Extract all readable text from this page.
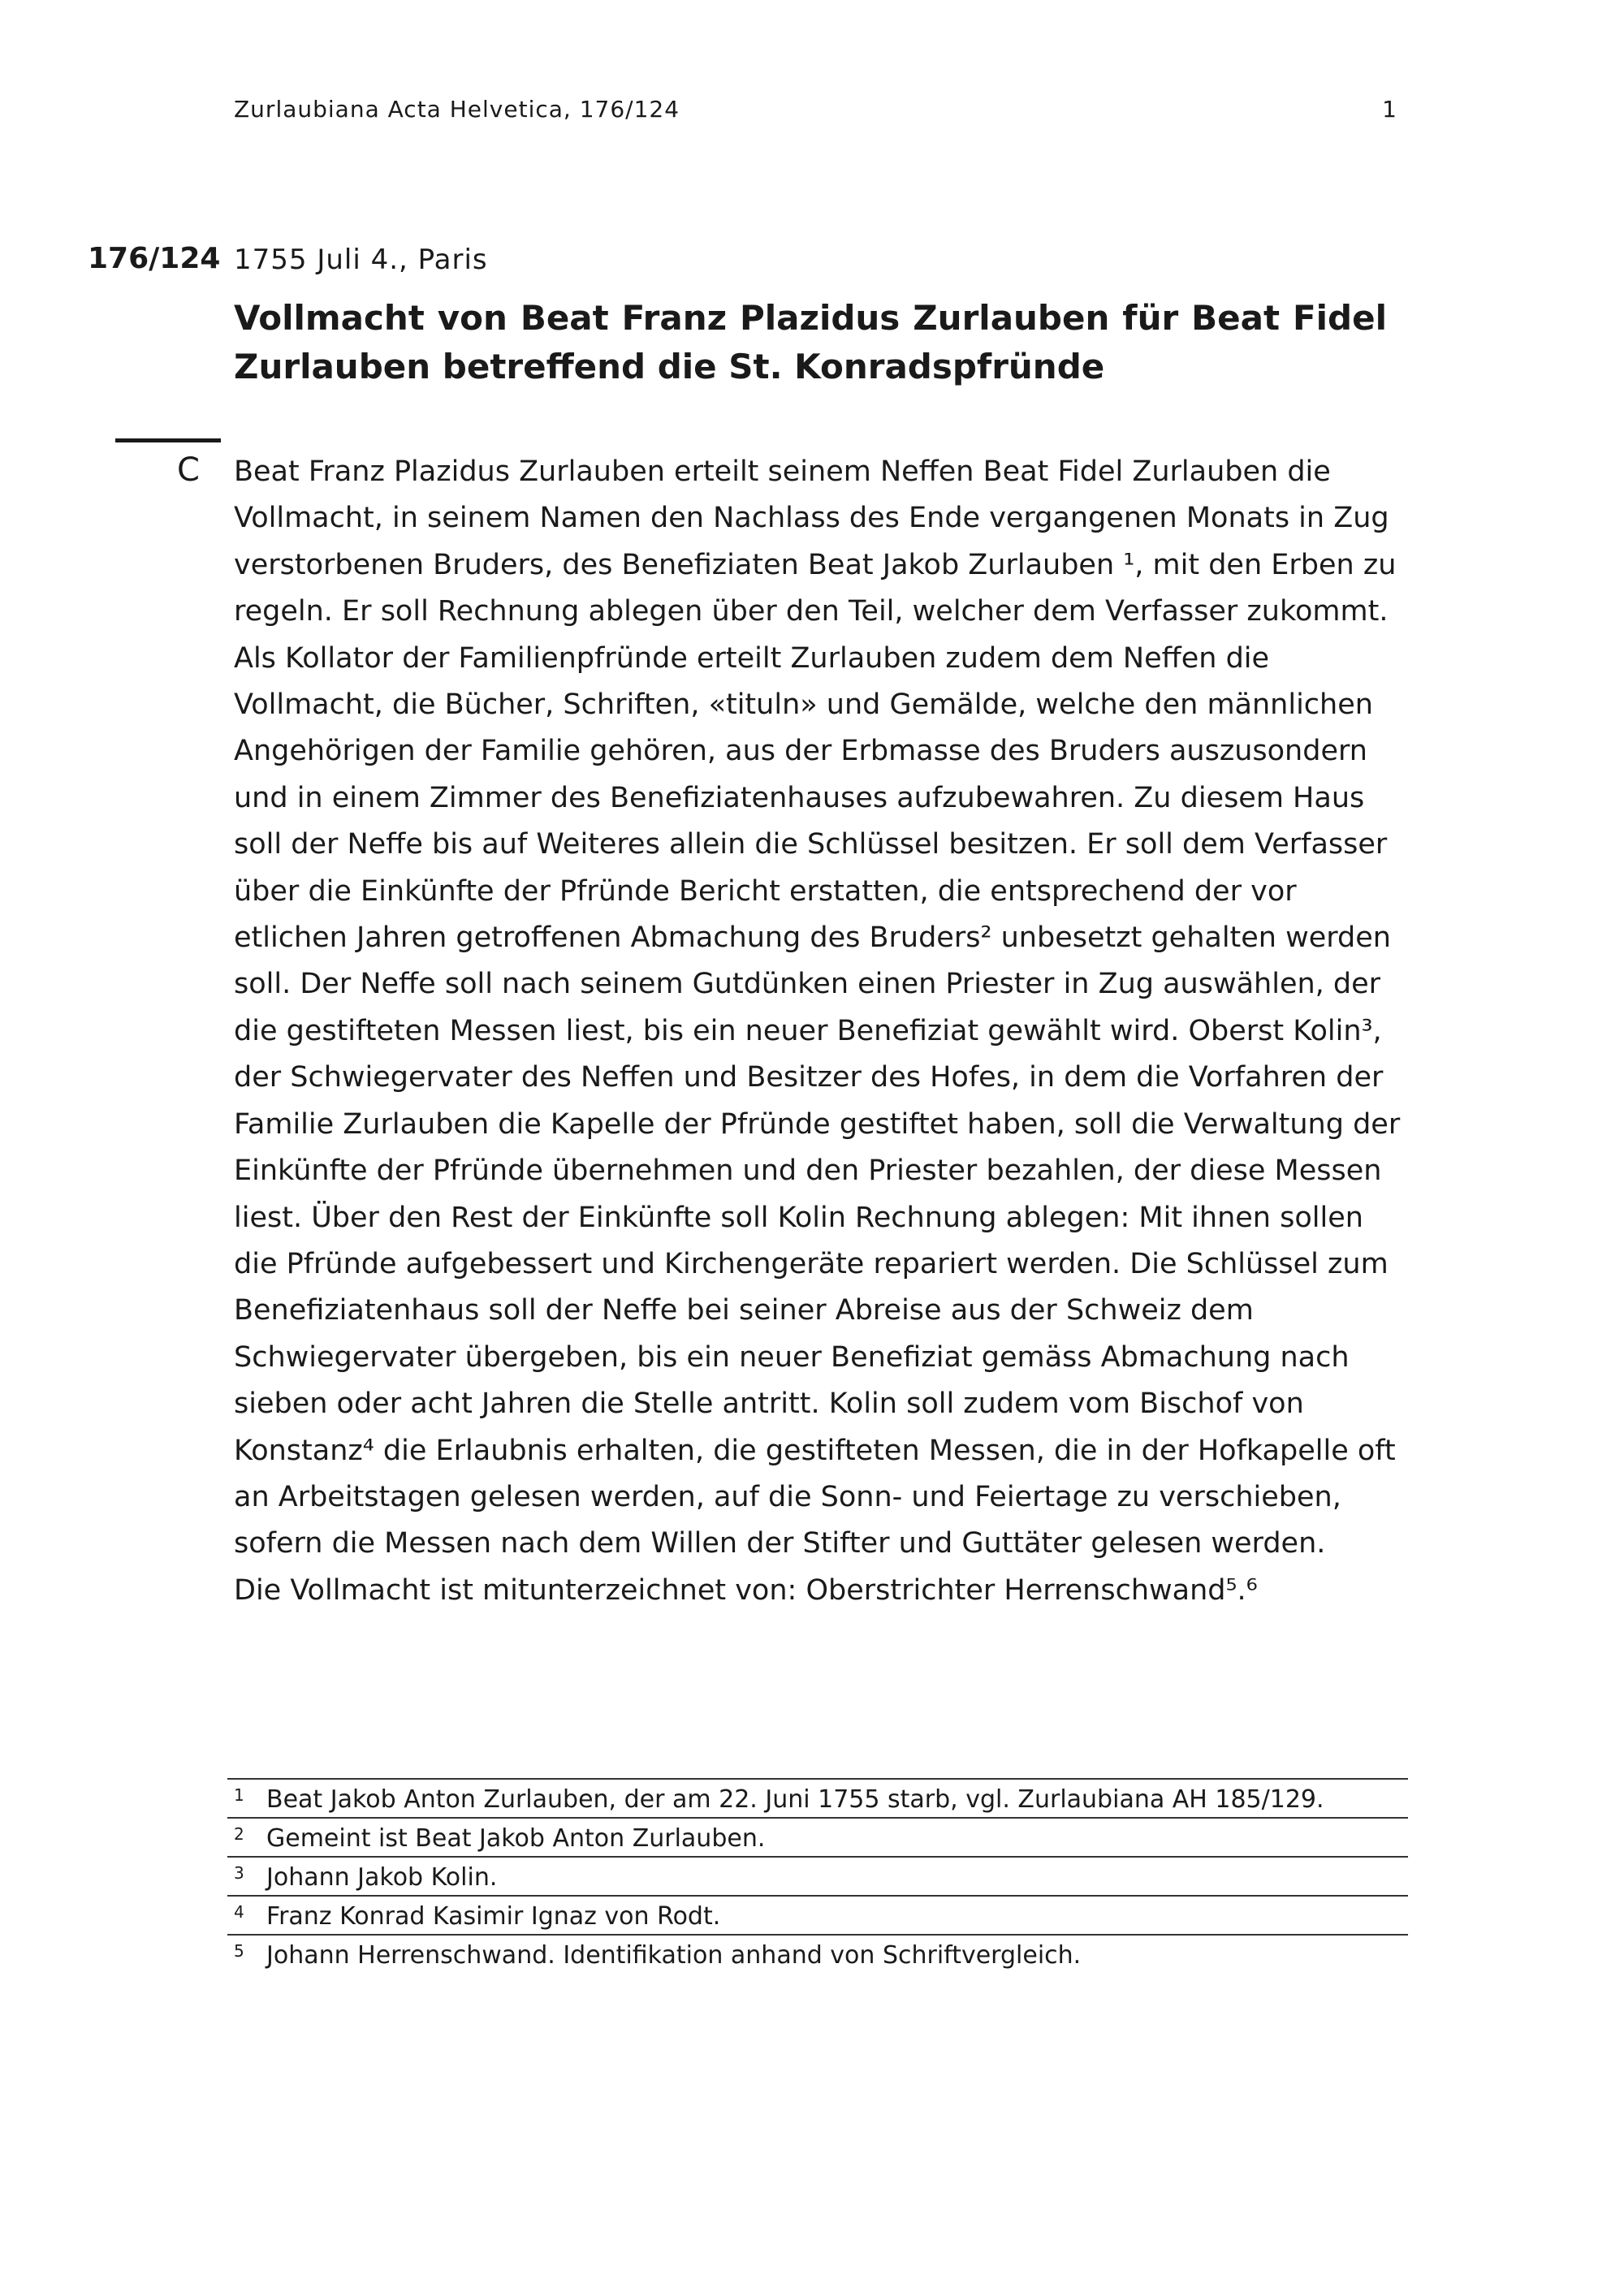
Zurlaubiana Acta Helvetica, 176/124	1
176/124 1755 Juli 4., Paris
Vollmacht von Beat Franz Plazidus Zurlauben für Beat Fidel Zurlauben betreffend die St. Konradspfründe
C Beat Franz Plazidus Zurlauben erteilt seinem Neffen Beat Fidel Zurlauben die Vollmacht, in seinem Namen den Nachlass des Ende vergangenen Monats in Zug verstorbenen Bruders, des Benefiziaten Beat Jakob Zurlauben ¹, mit den Erben zu regeln. Er soll Rechnung ablegen über den Teil, welcher dem Verfasser zukommt. Als Kollator der Familienpfründe erteilt Zurlauben zudem dem Neffen die Vollmacht, die Bücher, Schriften, «tituln» und Gemälde, welche den männlichen Angehörigen der Familie gehören, aus der Erbmasse des Bruders auszusondern und in einem Zimmer des Benefiziatenhauses aufzubewahren. Zu diesem Haus soll der Neffe bis auf Weiteres allein die Schlüssel besitzen. Er soll dem Verfasser über die Einkünfte der Pfründe Bericht erstatten, die entsprechend der vor etlichen Jahren getroffenen Abmachung des Bruders² unbesetzt gehalten werden soll. Der Neffe soll nach seinem Gutdünken einen Priester in Zug auswählen, der die gestifteten Messen liest, bis ein neuer Benefiziat gewählt wird. Oberst Kolin³, der Schwiegervater des Neffen und Besitzer des Hofes, in dem die Vorfahren der Familie Zurlauben die Kapelle der Pfründe gestiftet haben, soll die Verwaltung der Einkünfte der Pfründe übernehmen und den Priester bezahlen, der diese Messen liest. Über den Rest der Einkünfte soll Kolin Rechnung ablegen: Mit ihnen sollen die Pfründe aufgebessert und Kirchengeräte repariert werden. Die Schlüssel zum Benefiziatenhaus soll der Neffe bei seiner Abreise aus der Schweiz dem Schwiegervater übergeben, bis ein neuer Benefiziat gemäss Abmachung nach sieben oder acht Jahren die Stelle antritt. Kolin soll zudem vom Bischof von Konstanz⁴ die Erlaubnis erhalten, die gestifteten Messen, die in der Hofkapelle oft an Arbeitstagen gelesen werden, auf die Sonn- und Feiertage zu verschieben, sofern die Messen nach dem Willen der Stifter und Guttäter gelesen werden.

Die Vollmacht ist mitunterzeichnet von: Oberstrichter Herrenschwand⁵.⁶

1 Beat Jakob Anton Zurlauben, der am 22. Juni 1755 starb, vgl. Zurlaubiana AH 185/129.
2 Gemeint ist Beat Jakob Anton Zurlauben.
3 Johann Jakob Kolin.
4 Franz Konrad Kasimir Ignaz von Rodt.
5 Johann Herrenschwand. Identifikation anhand von Schriftvergleich.
